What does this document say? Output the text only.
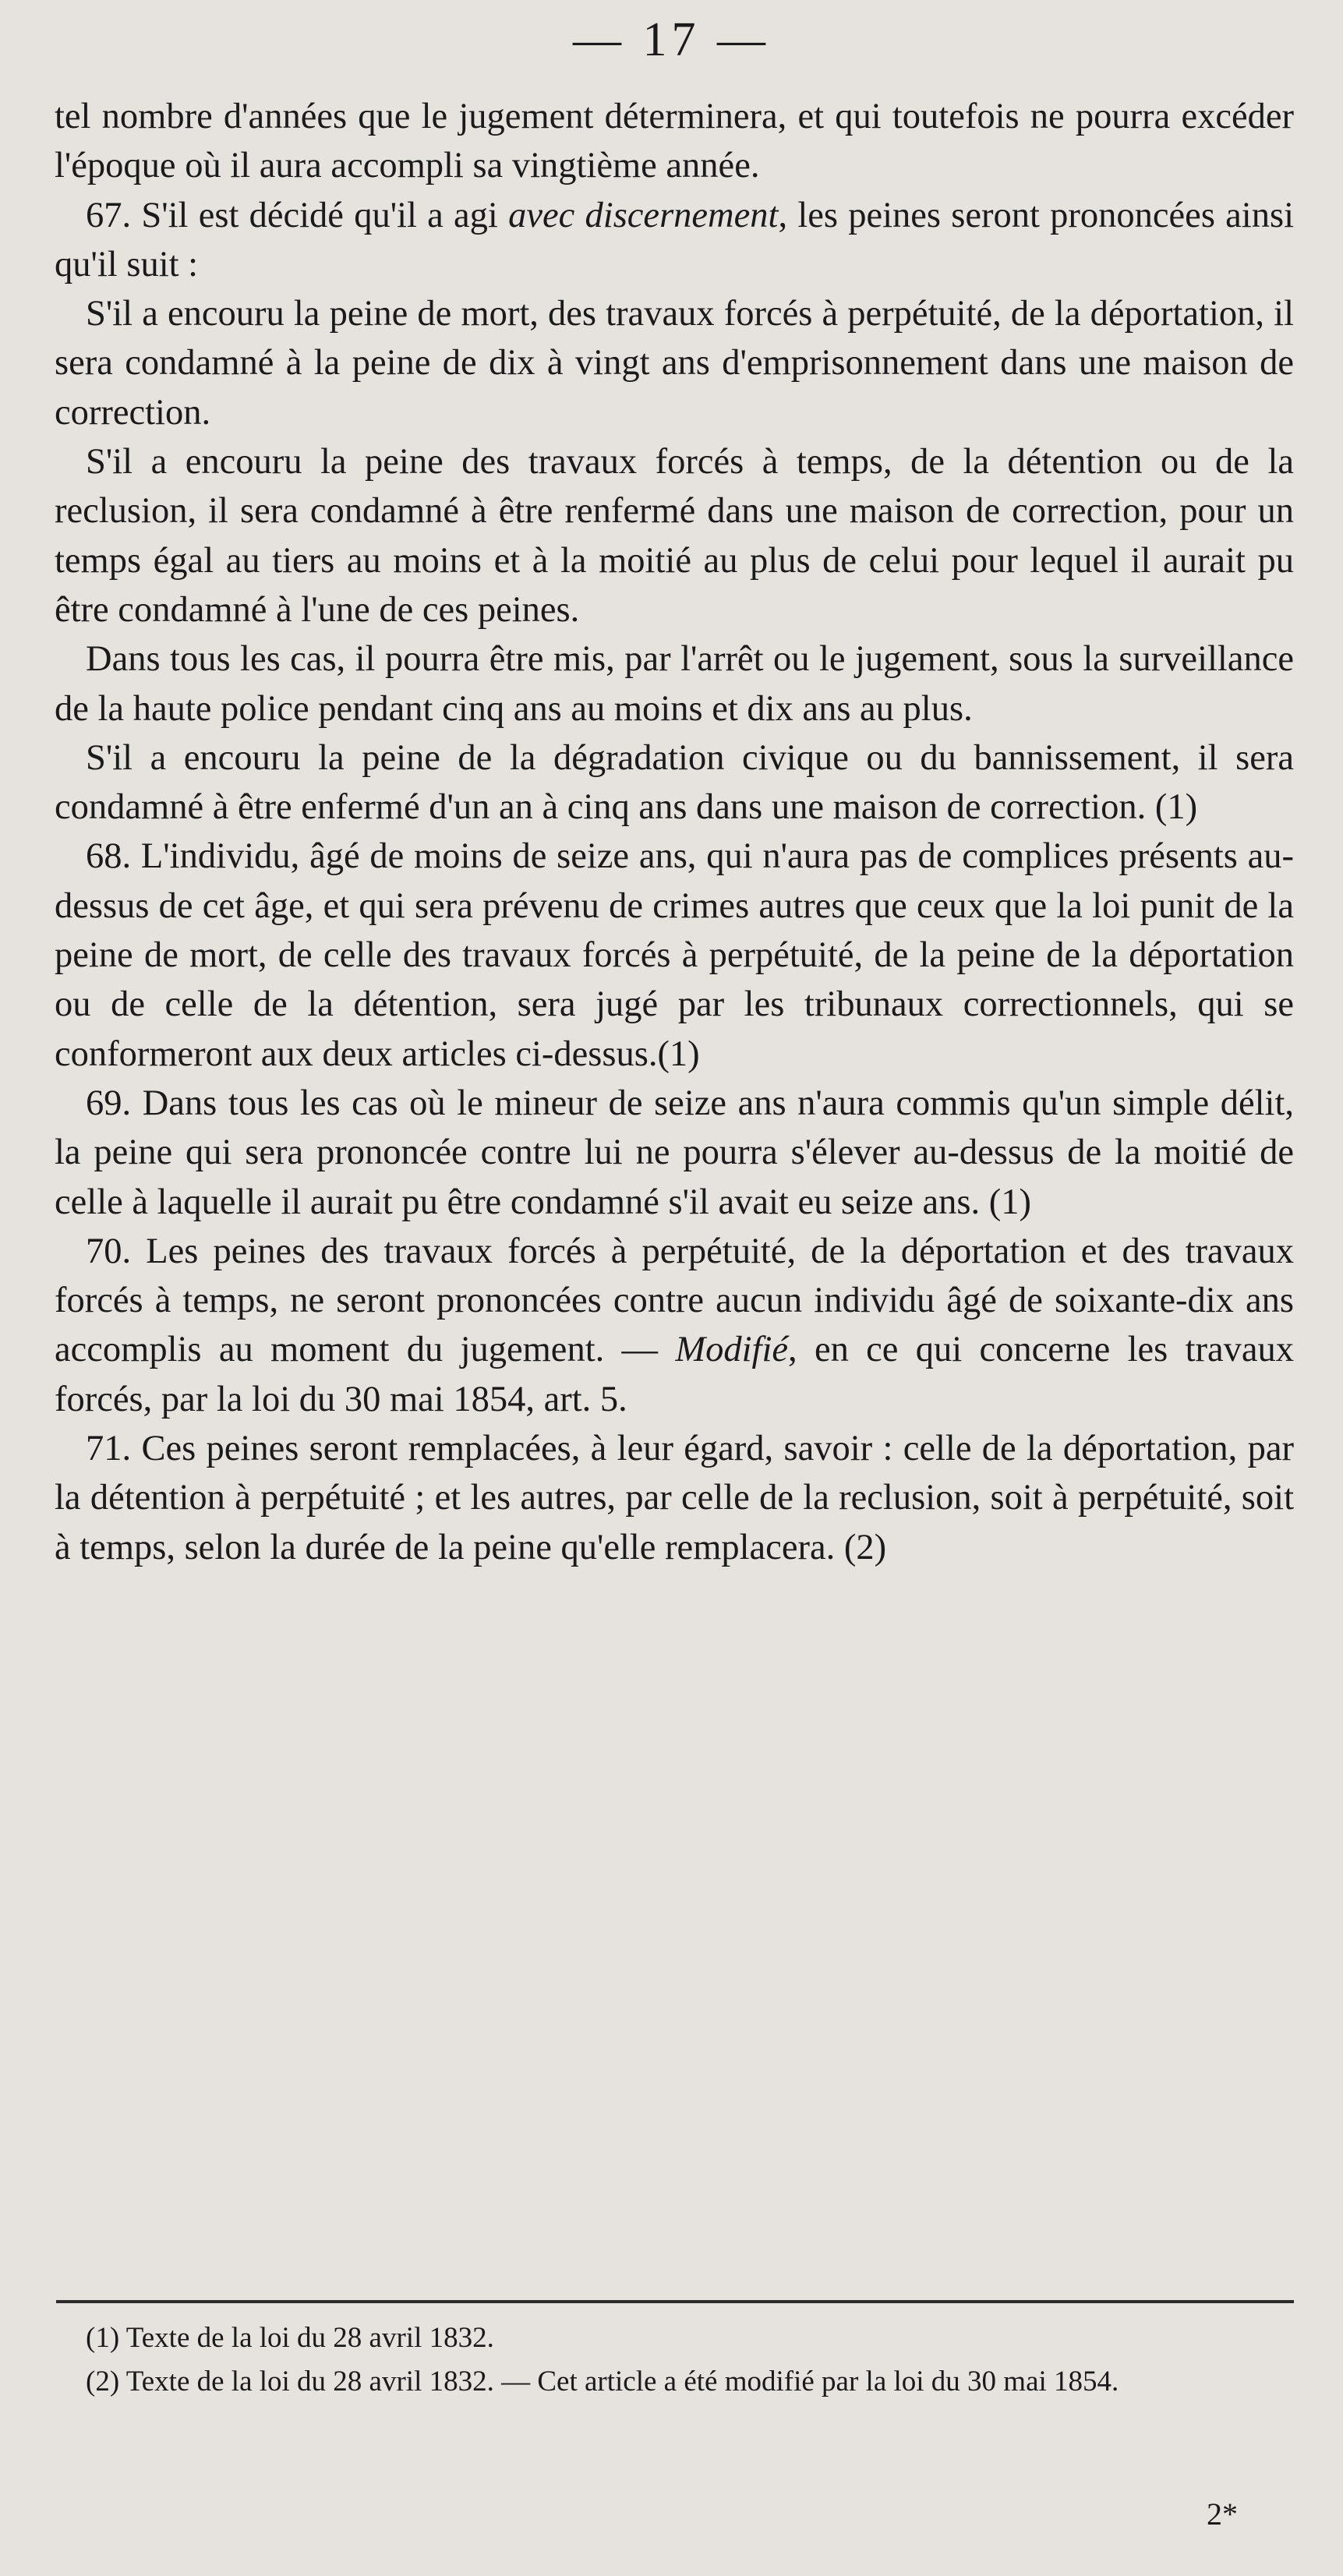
— 17 —

tel nombre d'années que le jugement déterminera, et qui toutefois ne pourra excéder l'époque où il aura accompli sa vingtième année.

67. S'il est décidé qu'il a agi avec discernement, les peines seront prononcées ainsi qu'il suit :

S'il a encouru la peine de mort, des travaux forcés à perpétuité, de la déportation, il sera condamné à la peine de dix à vingt ans d'emprisonnement dans une maison de correction.

S'il a encouru la peine des travaux forcés à temps, de la détention ou de la reclusion, il sera condamné à être renfermé dans une maison de correction, pour un temps égal au tiers au moins et à la moitié au plus de celui pour lequel il aurait pu être condamné à l'une de ces peines.

Dans tous les cas, il pourra être mis, par l'arrêt ou le jugement, sous la surveillance de la haute police pendant cinq ans au moins et dix ans au plus.

S'il a encouru la peine de la dégradation civique ou du bannissement, il sera condamné à être enfermé d'un an à cinq ans dans une maison de correction. (1)

68. L'individu, âgé de moins de seize ans, qui n'aura pas de complices présents au-dessus de cet âge, et qui sera prévenu de crimes autres que ceux que la loi punit de la peine de mort, de celle des travaux forcés à perpétuité, de la peine de la déportation ou de celle de la détention, sera jugé par les tribunaux correctionnels, qui se conformeront aux deux articles ci-dessus.(1)

69. Dans tous les cas où le mineur de seize ans n'aura commis qu'un simple délit, la peine qui sera prononcée contre lui ne pourra s'élever au-dessus de la moitié de celle à laquelle il aurait pu être condamné s'il avait eu seize ans. (1)

70. Les peines des travaux forcés à perpétuité, de la déportation et des travaux forcés à temps, ne seront prononcées contre aucun individu âgé de soixante-dix ans accomplis au moment du jugement. — Modifié, en ce qui concerne les travaux forcés, par la loi du 30 mai 1854, art. 5.

71. Ces peines seront remplacées, à leur égard, savoir : celle de la déportation, par la détention à perpétuité ; et les autres, par celle de la reclusion, soit à perpétuité, soit à temps, selon la durée de la peine qu'elle remplacera. (2)

(1) Texte de la loi du 28 avril 1832.

(2) Texte de la loi du 28 avril 1832. — Cet article a été modifié par la loi du 30 mai 1854.

2*
